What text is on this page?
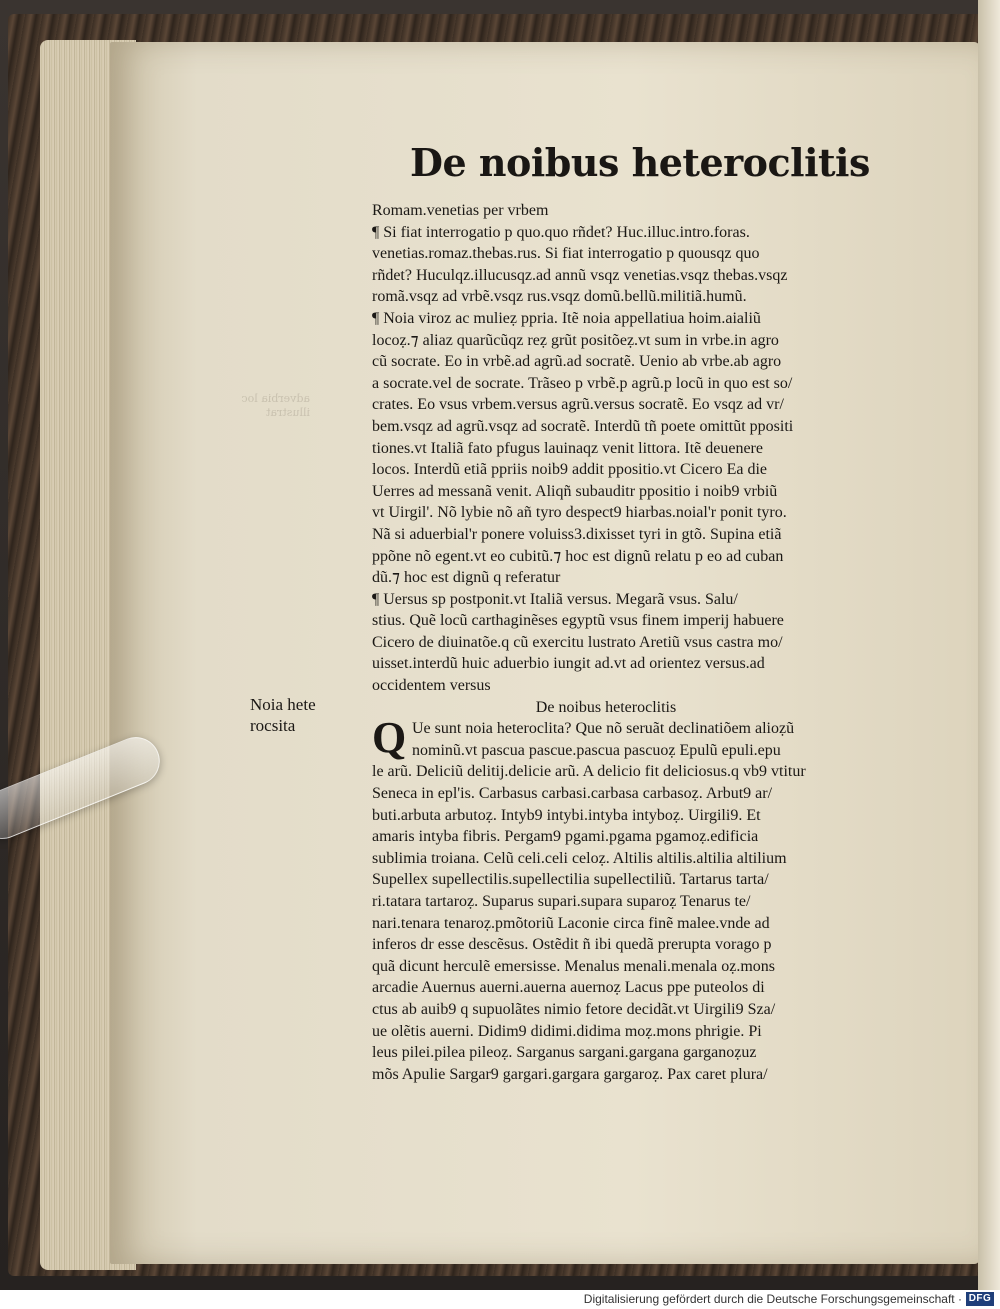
adverbia loc
illustrat
De noibus heteroclitis
Noia hete
rocsita
Romam.venetias per vrbem
¶ Si fiat interrogatio p quo.quo rñdet? Huc.illuc.intro.foras.
venetias.romaz.thebas.rus. Si fiat interrogatio p quousqz quo
rñdet? Huculqz.illucusqz.ad annũ vsqz venetias.vsqz thebas.vsqz
romã.vsqz ad vrbẽ.vsqz rus.vsqz domũ.bellũ.militiã.humũ.
¶ Noia viroz ac mulieẓ ppria. Itẽ noia appellatiua hoim.aialiũ
locoẓ.⁊ aliaz quarũcũqz reẓ grũt positõeẓ.vt sum in vrbe.in agro
cũ socrate. Eo in vrbẽ.ad agrũ.ad socratẽ. Uenio ab vrbe.ab agro
a socrate.vel de socrate. Trãseo p vrbẽ.p agrũ.p locũ in quo est so/
crates. Eo vsus vrbem.versus agrũ.versus socratẽ. Eo vsqz ad vr/
bem.vsqz ad agrũ.vsqz ad socratẽ. Interdũ tñ poete omittũt ppositi
tiones.vt Italiã fato pfugus lauinaqz venit littora. Itẽ deuenere
locos. Interdũ etiã ppriis noib9 addit ppositio.vt Cicero Ea die
Uerres ad messanã venit. Aliqñ subauditr ppositio i noib9 vrbiũ
vt Uirgil'. Nõ lybie nõ añ tyro despect9 hiarbas.noial'r ponit tyro.
Nã si aduerbial'r ponere voluiss3.dixisset tyri in gtõ. Supina etiã
ppõne nõ egent.vt eo cubitũ.⁊ hoc est dignũ relatu p eo ad cuban
dũ.⁊ hoc est dignũ q referatur
¶ Uersus sp postponit.vt Italiã versus. Megarã vsus. Salu/
stius. Quẽ locũ carthaginẽses egyptũ vsus finem imperij habuere
Cicero de diuinatõe.q cũ exercitu lustrato Aretiũ vsus castra mo/
uisset.interdũ huic aduerbio iungit ad.vt ad orientez versus.ad
occidentem versus
De noibus heteroclitis
Q Ue sunt noia heteroclita? Que nõ seruãt declinatiõem alioẓũ
nominũ.vt pascua pascue.pascua pascuoẓ Epulũ epuli.epu
le arũ. Deliciũ delitij.delicie arũ. A delicio fit deliciosus.q vb9 vtitur
Seneca in epl'is. Carbasus carbasi.carbasa carbasoẓ. Arbut9 ar/
buti.arbuta arbutoẓ. Intyb9 intybi.intyba intyboẓ. Uirgili9. Et
amaris intyba fibris. Pergam9 pgami.pgama pgamoẓ.edificia
sublimia troiana. Celũ celi.celi celoẓ. Altilis altilis.altilia altilium
Supellex supellectilis.supellectilia supellectiliũ. Tartarus tarta/
ri.tatara tartaroẓ. Suparus supari.supara suparoẓ Tenarus te/
nari.tenara tenaroẓ.pmõtoriũ Laconie circa finẽ malee.vnde ad
inferos dr esse descẽsus. Ostẽdit ñ ibi quedã prerupta vorago p
quã dicunt herculẽ emersisse. Menalus menali.menala oẓ.mons
arcadie Auernus auerni.auerna auernoẓ Lacus ppe puteolos di
ctus ab auib9 q supuolãtes nimio fetore decidãt.vt Uirgili9 Sza/
ue olẽtis auerni. Didim9 didimi.didima moẓ.mons phrigie. Pi
leus pilei.pilea pileoẓ. Sarganus sargani.gargana garganoẓuz
mõs Apulie Sargar9 gargari.gargara gargaroẓ. Pax caret plura/
Digitalisierung gefördert durch die Deutsche Forschungsgemeinschaft · DFG
